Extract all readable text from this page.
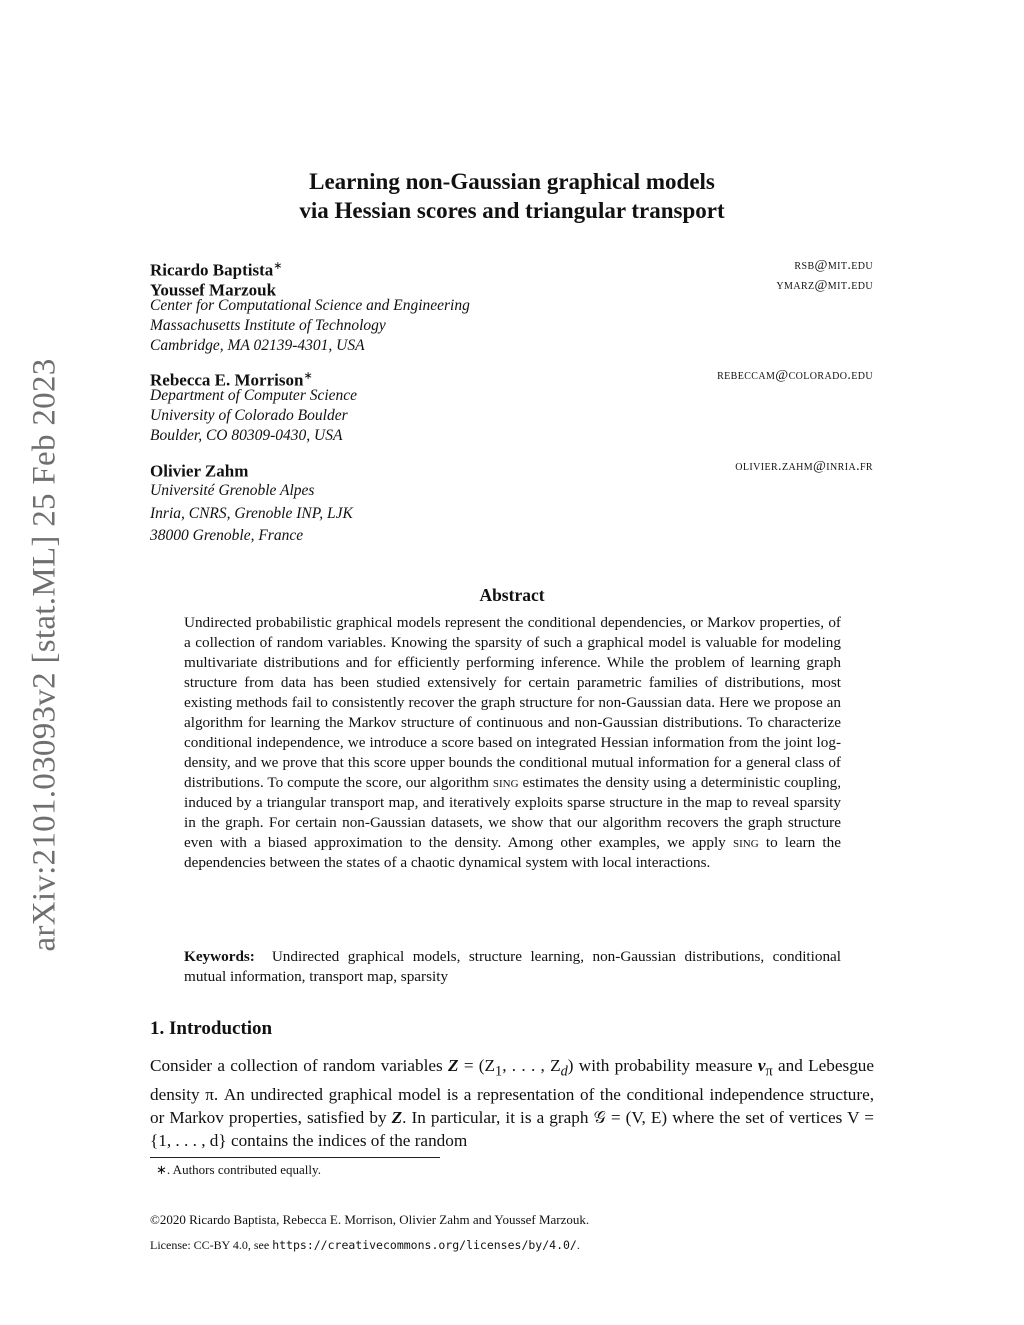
arXiv:2101.03093v2 [stat.ML] 25 Feb 2023
Learning non-Gaussian graphical models
via Hessian scores and triangular transport
Ricardo Baptista∗	rsb@mit.edu
Youssef Marzouk	ymarz@mit.edu
Center for Computational Science and Engineering
Massachusetts Institute of Technology
Cambridge, MA 02139-4301, USA
Rebecca E. Morrison∗	rebeccam@colorado.edu
Department of Computer Science
University of Colorado Boulder
Boulder, CO 80309-0430, USA
Olivier Zahm	olivier.zahm@inria.fr
Université Grenoble Alpes
Inria, CNRS, Grenoble INP, LJK
38000 Grenoble, France
Abstract
Undirected probabilistic graphical models represent the conditional dependencies, or Markov properties, of a collection of random variables. Knowing the sparsity of such a graphical model is valuable for modeling multivariate distributions and for efficiently performing inference. While the problem of learning graph structure from data has been studied extensively for certain parametric families of distributions, most existing methods fail to consistently recover the graph structure for non-Gaussian data. Here we propose an algorithm for learning the Markov structure of continuous and non-Gaussian distributions. To characterize conditional independence, we introduce a score based on integrated Hessian information from the joint log-density, and we prove that this score upper bounds the conditional mutual information for a general class of distributions. To compute the score, our algorithm sing estimates the density using a deterministic coupling, induced by a triangular transport map, and iteratively exploits sparse structure in the map to reveal sparsity in the graph. For certain non-Gaussian datasets, we show that our algorithm recovers the graph structure even with a biased approximation to the density. Among other examples, we apply sing to learn the dependencies between the states of a chaotic dynamical system with local interactions.
Keywords: Undirected graphical models, structure learning, non-Gaussian distributions, conditional mutual information, transport map, sparsity
1. Introduction
Consider a collection of random variables $Z = (Z_1$, . . . , $Z_d$) with probability measure $\nu_\pi$ and Lebesgue density π. An undirected graphical model is a representation of the conditional independence structure, or Markov properties, satisfied by Z. In particular, it is a graph 𝒢 = (V, E) where the set of vertices V = {1, . . . , d} contains the indices of the random
∗. Authors contributed equally.
©2020 Ricardo Baptista, Rebecca E. Morrison, Olivier Zahm and Youssef Marzouk.
License: CC-BY 4.0, see https://creativecommons.org/licenses/by/4.0/.
